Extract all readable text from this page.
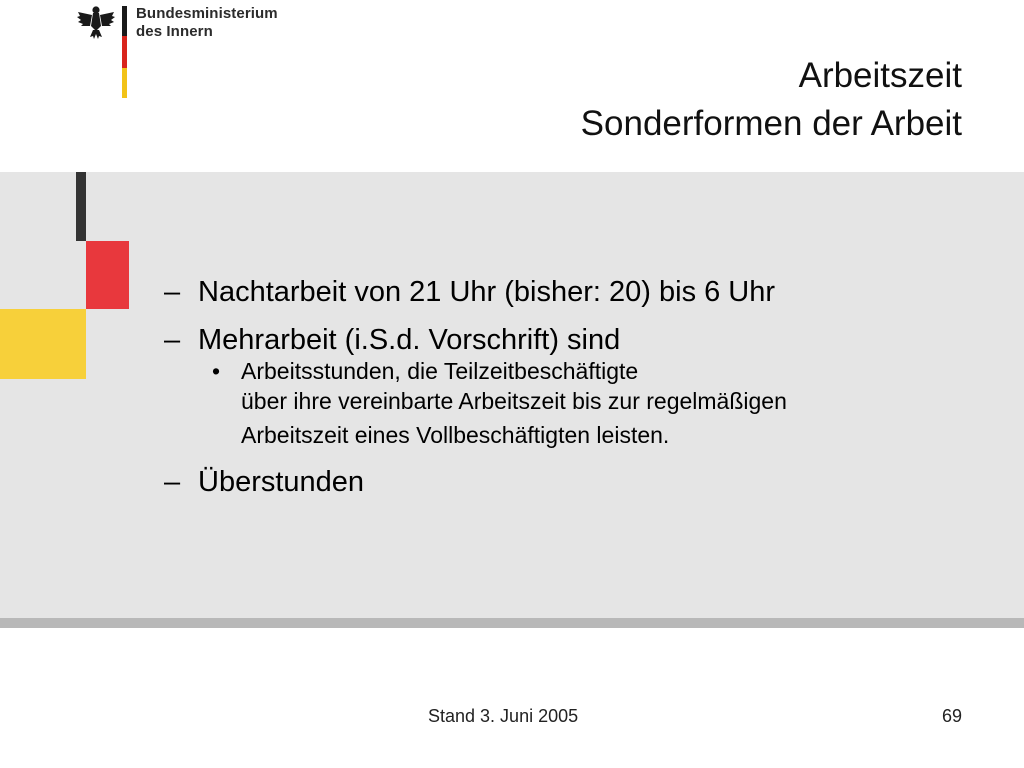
Bundesministerium
des Innern
Arbeitszeit
Sonderformen der Arbeit
– Nachtarbeit von 21 Uhr (bisher: 20) bis 6 Uhr
– Mehrarbeit (i.S.d. Vorschrift) sind
• Arbeitsstunden, die Teilzeitbeschäftigte
über ihre vereinbarte Arbeitszeit bis zur regelmäßigen
Arbeitszeit eines Vollbeschäftigten leisten.
– Überstunden
Stand 3. Juni 2005	69
